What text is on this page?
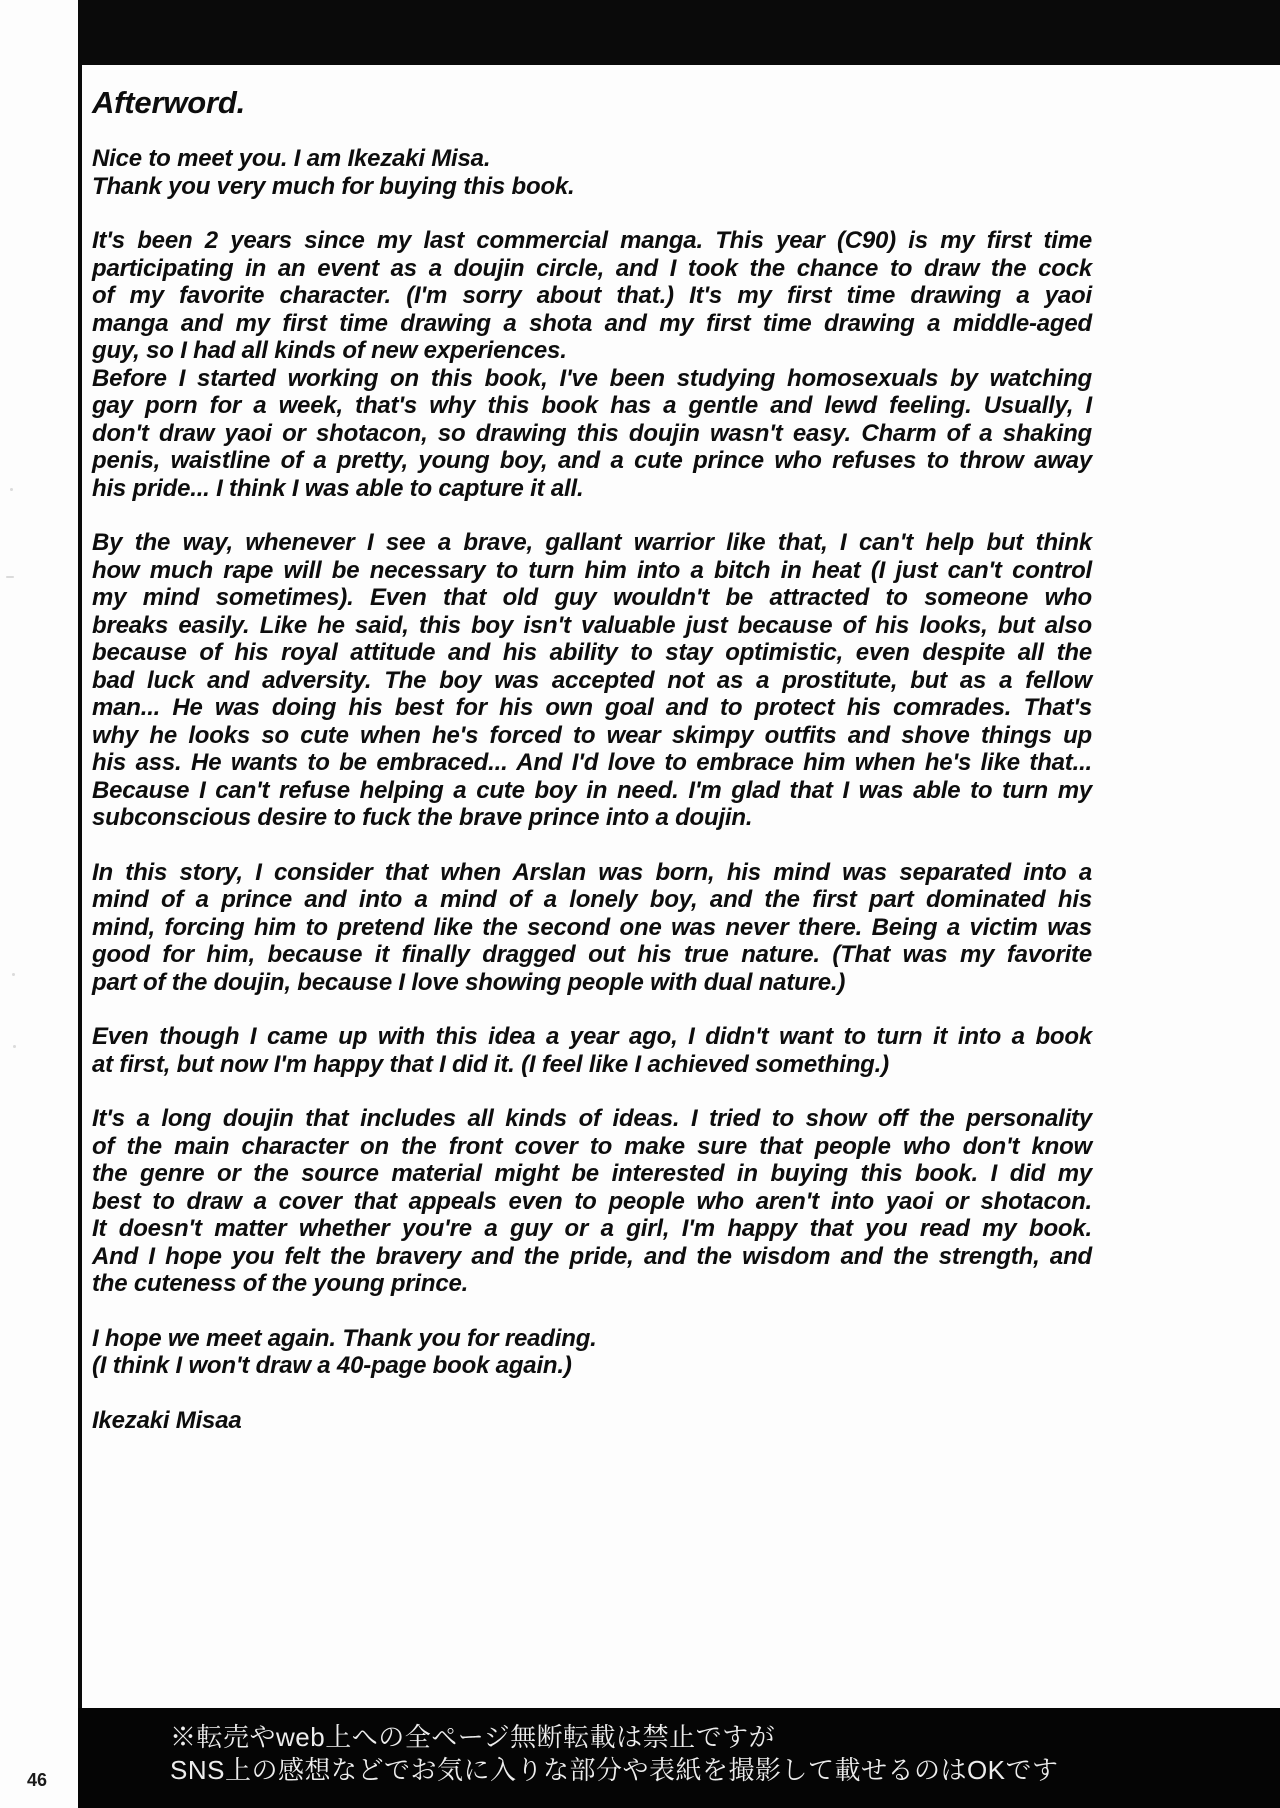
Afterword.
Nice to meet you. I am Ikezaki Misa.
Thank you very much for buying this book.
It's been 2 years since my last commercial manga. This year (C90) is my first time
participating in an event as a doujin circle, and I took the chance to draw the cock
of my favorite character. (I'm sorry about that.) It's my first time drawing a yaoi
manga and my first time drawing a shota and my first time drawing a middle-aged
guy, so I had all kinds of new experiences.
Before I started working on this book, I've been studying homosexuals by watching
gay porn for a week, that's why this book has a gentle and lewd feeling. Usually, I
don't draw yaoi or shotacon, so drawing this doujin wasn't easy. Charm of a shaking
penis, waistline of a pretty, young boy, and a cute prince who refuses to throw away
his pride... I think I was able to capture it all.
By the way, whenever I see a brave, gallant warrior like that, I can't help but think
how much rape will be necessary to turn him into a bitch in heat (I just can't control
my mind sometimes). Even that old guy wouldn't be attracted to someone who
breaks easily. Like he said, this boy isn't valuable just because of his looks, but also
because of his royal attitude and his ability to stay optimistic, even despite all the
bad luck and adversity. The boy was accepted not as a prostitute, but as a fellow
man... He was doing his best for his own goal and to protect his comrades. That's
why he looks so cute when he's forced to wear skimpy outfits and shove things up
his ass. He wants to be embraced... And I'd love to embrace him when he's like that...
Because I can't refuse helping a cute boy in need. I'm glad that I was able to turn my
subconscious desire to fuck the brave prince into a doujin.
In this story, I consider that when Arslan was born, his mind was separated into a
mind of a prince and into a mind of a lonely boy, and the first part dominated his
mind, forcing him to pretend like the second one was never there. Being a victim was
good for him, because it finally dragged out his true nature. (That was my favorite
part of the doujin, because I love showing people with dual nature.)
Even though I came up with this idea a year ago, I didn't want to turn it into a book
at first, but now I'm happy that I did it. (I feel like I achieved something.)
It's a long doujin that includes all kinds of ideas. I tried to show off the personality
of the main character on the front cover to make sure that people who don't know
the genre or the source material might be interested in buying this book. I did my
best to draw a cover that appeals even to people who aren't into yaoi or shotacon.
It doesn't matter whether you're a guy or a girl, I'm happy that you read my book.
And I hope you felt the bravery and the pride, and the wisdom and the strength, and
the cuteness of the young prince.
I hope we meet again. Thank you for reading.
(I think I won't draw a 40-page book again.)
Ikezaki Misaa
※転売やweb上への全ページ無断転載は禁止ですが
SNS上の感想などでお気に入りな部分や表紙を撮影して載せるのはOKです
46
